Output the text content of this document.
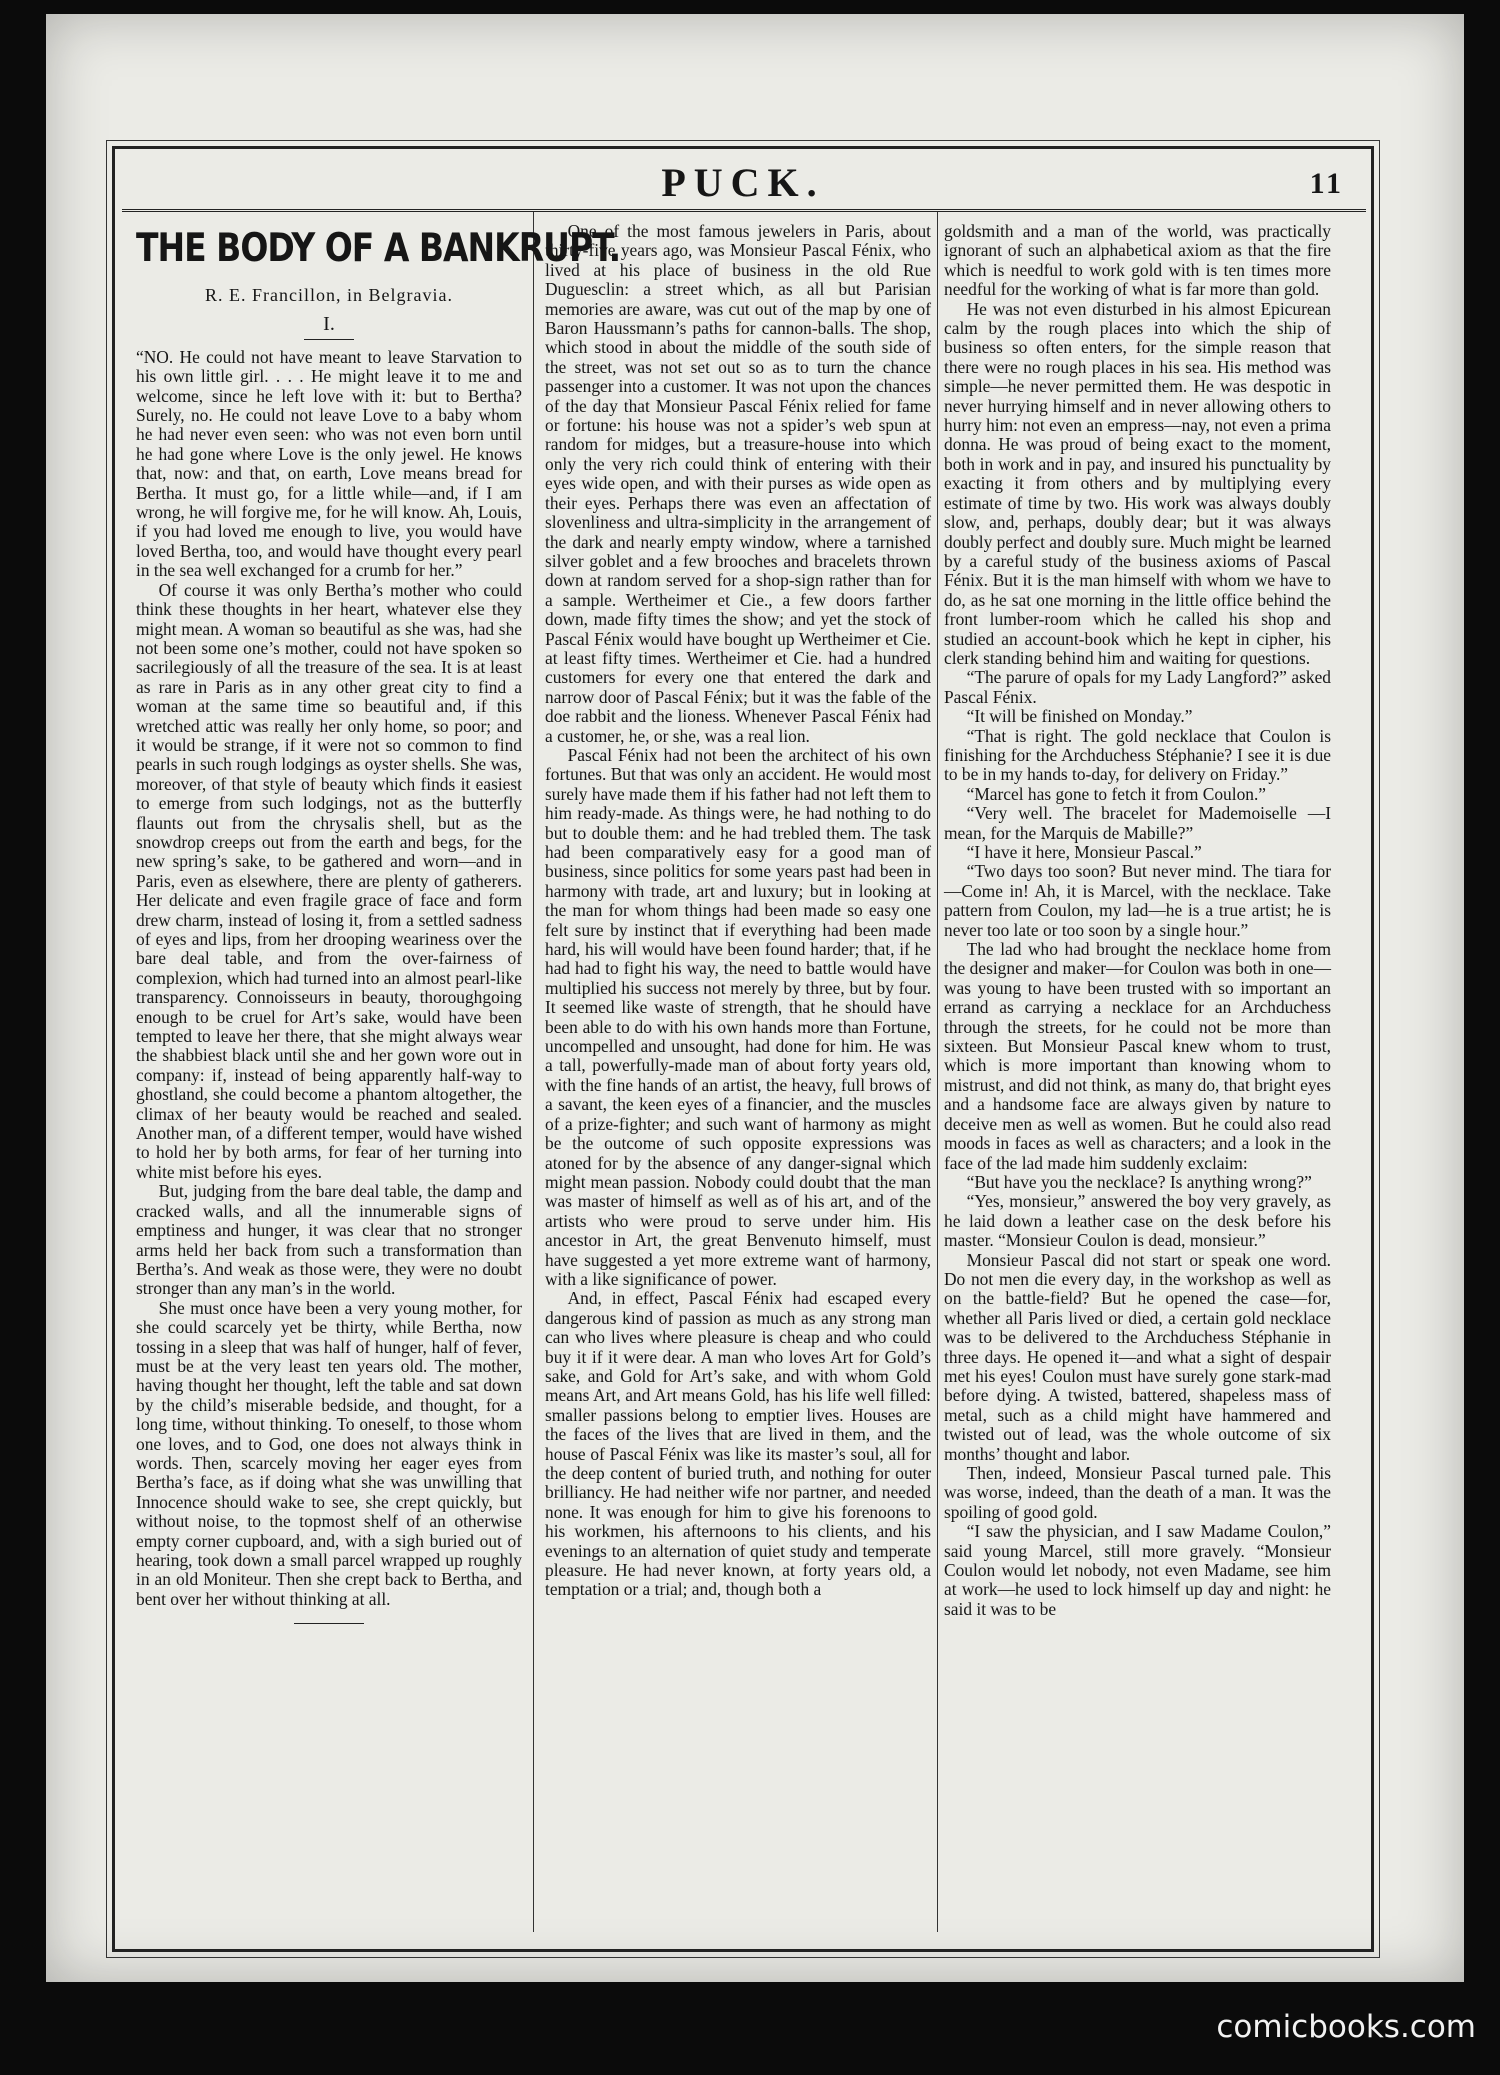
PUCK.	11
THE BODY OF A BANKRUPT.
R. E. Francillon, in Belgravia.
I.

“NO. He could not have meant to leave Starvation to his own little girl. . . . He might leave it to me and welcome, since he left love with it: but to Bertha? Surely, no. He could not leave Love to a baby whom he had never even seen: who was not even born until he had gone where Love is the only jewel. He knows that, now: and that, on earth, Love means bread for Bertha. It must go, for a little while—and, if I am wrong, he will forgive me, for he will know. Ah, Louis, if you had loved me enough to live, you would have loved Bertha, too, and would have thought every pearl in the sea well exchanged for a crumb for her.”

Of course it was only Bertha’s mother who could think these thoughts in her heart, whatever else they might mean. A woman so beautiful as she was, had she not been some one’s mother, could not have spoken so sacrilegiously of all the treasure of the sea. It is at least as rare in Paris as in any other great city to find a woman at the same time so beautiful and, if this wretched attic was really her only home, so poor; and it would be strange, if it were not so common to find pearls in such rough lodgings as oyster shells. She was, moreover, of that style of beauty which finds it easiest to emerge from such lodgings, not as the butterfly flaunts out from the chrysalis shell, but as the snowdrop creeps out from the earth and begs, for the new spring’s sake, to be gathered and worn—and in Paris, even as elsewhere, there are plenty of gatherers. Her delicate and even fragile grace of face and form drew charm, instead of losing it, from a settled sadness of eyes and lips, from her drooping weariness over the bare deal table, and from the over-fairness of complexion, which had turned into an almost pearl-like transparency. Connoisseurs in beauty, thoroughgoing enough to be cruel for Art’s sake, would have been tempted to leave her there, that she might always wear the shabbiest black until she and her gown wore out in company: if, instead of being apparently half-way to ghostland, she could become a phantom altogether, the climax of her beauty would be reached and sealed. Another man, of a different temper, would have wished to hold her by both arms, for fear of her turning into white mist before his eyes.

But, judging from the bare deal table, the damp and cracked walls, and all the innumerable signs of emptiness and hunger, it was clear that no stronger arms held her back from such a transformation than Bertha’s. And weak as those were, they were no doubt stronger than any man’s in the world.

She must once have been a very young mother, for she could scarcely yet be thirty, while Bertha, now tossing in a sleep that was half of hunger, half of fever, must be at the very least ten years old. The mother, having thought her thought, left the table and sat down by the child’s miserable bedside, and thought, for a long time, without thinking. To oneself, to those whom one loves, and to God, one does not always think in words. Then, scarcely moving her eager eyes from Bertha’s face, as if doing what she was unwilling that Innocence should wake to see, she crept quickly, but without noise, to the topmost shelf of an otherwise empty corner cupboard, and, with a sigh buried out of hearing, took down a small parcel wrapped up roughly in an old Moniteur. Then she crept back to Bertha, and bent over her without thinking at all.

One of the most famous jewelers in Paris, about thirty-five years ago, was Monsieur Pascal Fénix, who lived at his place of business in the old Rue Duguesclin: a street which, as all but Parisian memories are aware, was cut out of the map by one of Baron Haussmann’s paths for cannon-balls. The shop, which stood in about the middle of the south side of the street, was not set out so as to turn the chance passenger into a customer. It was not upon the chances of the day that Monsieur Pascal Fénix relied for fame or fortune: his house was not a spider’s web spun at random for midges, but a treasure-house into which only the very rich could think of entering with their eyes wide open, and with their purses as wide open as their eyes. Perhaps there was even an affectation of slovenliness and ultra-simplicity in the arrangement of the dark and nearly empty window, where a tarnished silver goblet and a few brooches and bracelets thrown down at random served for a shop-sign rather than for a sample. Wertheimer et Cie., a few doors farther down, made fifty times the show; and yet the stock of Pascal Fénix would have bought up Wertheimer et Cie. at least fifty times. Wertheimer et Cie. had a hundred customers for every one that entered the dark and narrow door of Pascal Fénix; but it was the fable of the doe rabbit and the lioness. Whenever Pascal Fénix had a customer, he, or she, was a real lion.

Pascal Fénix had not been the architect of his own fortunes. But that was only an accident. He would most surely have made them if his father had not left them to him ready-made. As things were, he had nothing to do but to double them: and he had trebled them. The task had been comparatively easy for a good man of business, since politics for some years past had been in harmony with trade, art and luxury; but in looking at the man for whom things had been made so easy one felt sure by instinct that if everything had been made hard, his will would have been found harder; that, if he had had to fight his way, the need to battle would have multiplied his success not merely by three, but by four. It seemed like waste of strength, that he should have been able to do with his own hands more than Fortune, uncompelled and unsought, had done for him. He was a tall, powerfully-made man of about forty years old, with the fine hands of an artist, the heavy, full brows of a savant, the keen eyes of a financier, and the muscles of a prize-fighter; and such want of harmony as might be the outcome of such opposite expressions was atoned for by the absence of any danger-signal which might mean passion. Nobody could doubt that the man was master of himself as well as of his art, and of the artists who were proud to serve under him. His ancestor in Art, the great Benvenuto himself, must have suggested a yet more extreme want of harmony, with a like significance of power.

And, in effect, Pascal Fénix had escaped every dangerous kind of passion as much as any strong man can who lives where pleasure is cheap and who could buy it if it were dear. A man who loves Art for Gold’s sake, and Gold for Art’s sake, and with whom Gold means Art, and Art means Gold, has his life well filled: smaller passions belong to emptier lives. Houses are the faces of the lives that are lived in them, and the house of Pascal Fénix was like its master’s soul, all for the deep content of buried truth, and nothing for outer brilliancy. He had neither wife nor partner, and needed none. It was enough for him to give his forenoons to his workmen, his afternoons to his clients, and his evenings to an alternation of quiet study and temperate pleasure. He had never known, at forty years old, a temptation or a trial; and, though both a

goldsmith and a man of the world, was practically ignorant of such an alphabetical axiom as that the fire which is needful to work gold with is ten times more needful for the working of what is far more than gold.

He was not even disturbed in his almost Epicurean calm by the rough places into which the ship of business so often enters, for the simple reason that there were no rough places in his sea. His method was simple—he never permitted them. He was despotic in never hurrying himself and in never allowing others to hurry him: not even an empress—nay, not even a prima donna. He was proud of being exact to the moment, both in work and in pay, and insured his punctuality by exacting it from others and by multiplying every estimate of time by two. His work was always doubly slow, and, perhaps, doubly dear; but it was always doubly perfect and doubly sure. Much might be learned by a careful study of the business axioms of Pascal Fénix. But it is the man himself with whom we have to do, as he sat one morning in the little office behind the front lumber-room which he called his shop and studied an account-book which he kept in cipher, his clerk standing behind him and waiting for questions.

“The parure of opals for my Lady Langford?” asked Pascal Fénix.

“It will be finished on Monday.”

“That is right. The gold necklace that Coulon is finishing for the Archduchess Stéphanie? I see it is due to be in my hands to-day, for delivery on Friday.”

“Marcel has gone to fetch it from Coulon.”

“Very well. The bracelet for Mademoiselle —I mean, for the Marquis de Mabille?”

“I have it here, Monsieur Pascal.”

“Two days too soon? But never mind. The tiara for—Come in! Ah, it is Marcel, with the necklace. Take pattern from Coulon, my lad—he is a true artist; he is never too late or too soon by a single hour.”

The lad who had brought the necklace home from the designer and maker—for Coulon was both in one—was young to have been trusted with so important an errand as carrying a necklace for an Archduchess through the streets, for he could not be more than sixteen. But Monsieur Pascal knew whom to trust, which is more important than knowing whom to mistrust, and did not think, as many do, that bright eyes and a handsome face are always given by nature to deceive men as well as women. But he could also read moods in faces as well as characters; and a look in the face of the lad made him suddenly exclaim:

“But have you the necklace? Is anything wrong?”

“Yes, monsieur,” answered the boy very gravely, as he laid down a leather case on the desk before his master. “Monsieur Coulon is dead, monsieur.”

Monsieur Pascal did not start or speak one word. Do not men die every day, in the workshop as well as on the battle-field? But he opened the case—for, whether all Paris lived or died, a certain gold necklace was to be delivered to the Archduchess Stéphanie in three days. He opened it—and what a sight of despair met his eyes! Coulon must have surely gone stark-mad before dying. A twisted, battered, shapeless mass of metal, such as a child might have hammered and twisted out of lead, was the whole outcome of six months’ thought and labor.

Then, indeed, Monsieur Pascal turned pale. This was worse, indeed, than the death of a man. It was the spoiling of good gold.

“I saw the physician, and I saw Madame Coulon,” said young Marcel, still more gravely. “Monsieur Coulon would let nobody, not even Madame, see him at work—he used to lock himself up day and night: he said it was to be

comicbooks.com
